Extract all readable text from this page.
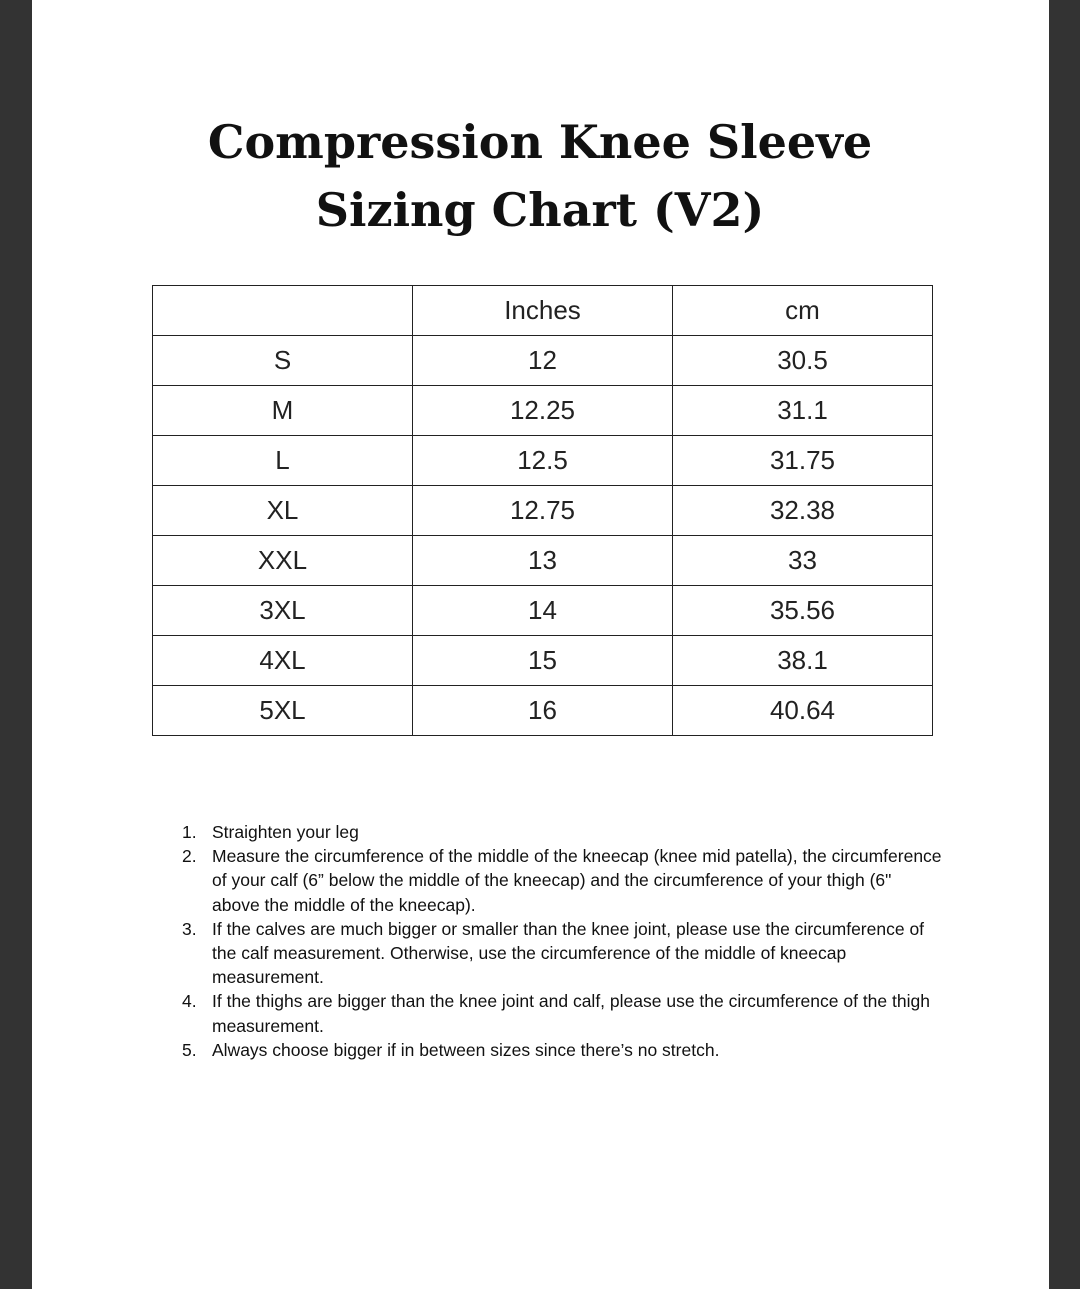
Compression Knee Sleeve
Sizing Chart (V2)
	Inches	cm
S	12	30.5
M	12.25	31.1
L	12.5	31.75
XL	12.75	32.38
XXL	13	33
3XL	14	35.56
4XL	15	38.1
5XL	16	40.64
1. Straighten your leg
2. Measure the circumference of the middle of the kneecap (knee mid patella), the circumference of your calf (6” below the middle of the kneecap) and the circumference of your thigh (6" above the middle of the kneecap).
3. If the calves are much bigger or smaller than the knee joint, please use the circumference of the calf measurement. Otherwise, use the circumference of the middle of kneecap measurement.
4. If the thighs are bigger than the knee joint and calf, please use the circumference of the thigh measurement.
5. Always choose bigger if in between sizes since there’s no stretch.
